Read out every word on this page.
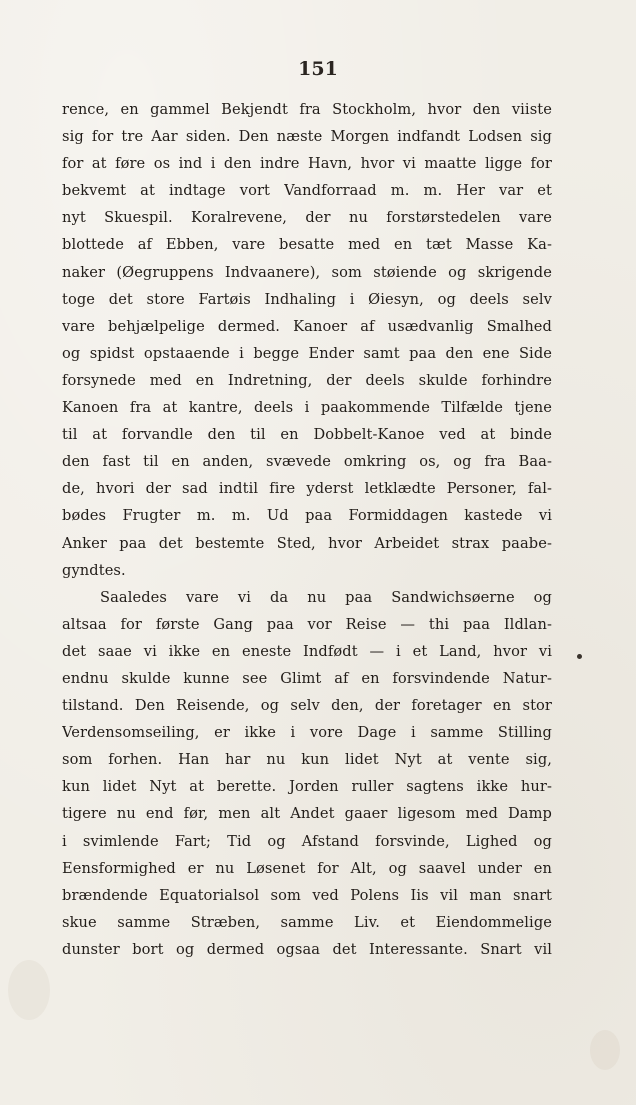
151
rence, en gammel Bekjendt fra Stockholm, hvor den viiste
sig for tre Aar siden. Den næste Morgen indfandt Lodsen sig
for at føre os ind i den indre Havn, hvor vi maatte ligge for
bekvemt at indtage vort Vandforraad m. m. Her var et
nyt Skuespil. Koralrevene, der nu forstørstedelen vare
blottede af Ebben, vare besatte med en tæt Masse Ka-
naker (Øegruppens Indvaanere), som støiende og skrigende
toge det store Fartøis Indhaling i Øiesyn, og deels selv
vare behjælpelige dermed. Kanoer af usædvanlig Smalhed
og spidst opstaaende i begge Ender samt paa den ene Side
forsynede med en Indretning, der deels skulde forhindre
Kanoen fra at kantre, deels i paakommende Tilfælde tjene
til at forvandle den til en Dobbelt-Kanoe ved at binde
den fast til en anden, svævede omkring os, og fra Baa-
de, hvori der sad indtil fire yderst letklædte Personer, fal-
bødes Frugter m. m. Ud paa Formiddagen kastede vi
Anker paa det bestemte Sted, hvor Arbeidet strax paabe-
gyndtes.
Saaledes vare vi da nu paa Sandwichsøerne og
altsaa for første Gang paa vor Reise — thi paa Ildlan-
det saae vi ikke en eneste Indfødt — i et Land, hvor vi
endnu skulde kunne see Glimt af en forsvindende Natur-
tilstand. Den Reisende, og selv den, der foretager en stor
Verdensomseiling, er ikke i vore Dage i samme Stilling
som forhen. Han har nu kun lidet Nyt at vente sig,
kun lidet Nyt at berette. Jorden ruller sagtens ikke hur-
tigere nu end før, men alt Andet gaaer ligesom med Damp
i svimlende Fart; Tid og Afstand forsvinde, Lighed og
Eensformighed er nu Løsenet for Alt, og saavel under en
brændende Equatorialsol som ved Polens Iis vil man snart
skue samme Stræben, samme Liv. et Eiendommelige
dunster bort og dermed ogsaa det Interessante. Snart vil
